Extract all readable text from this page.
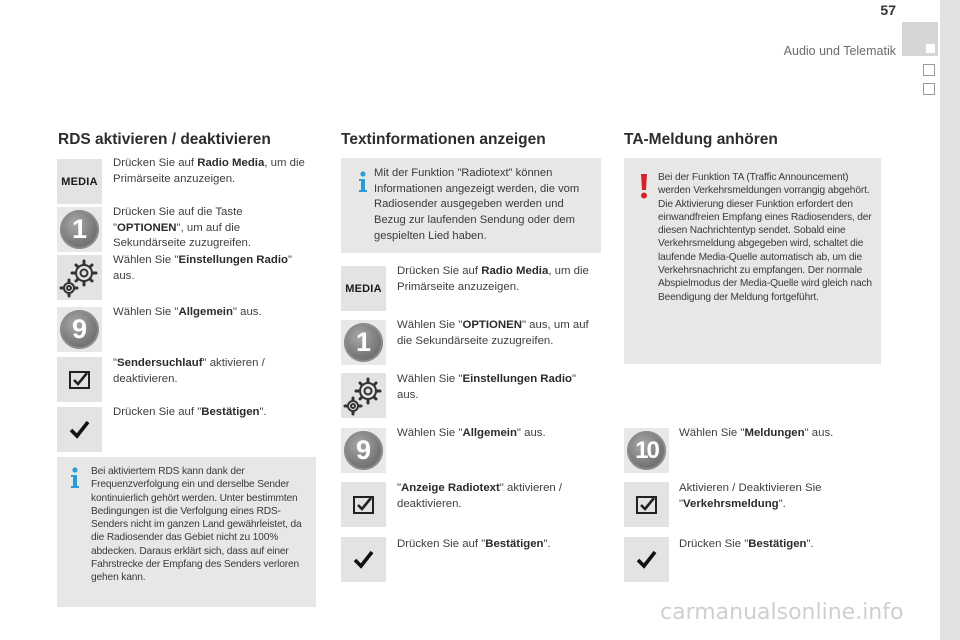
57
Audio und Telematik
RDS aktivieren / deaktivieren
MEDIA
Drücken Sie auf Radio Media, um die Primärseite anzuzeigen.
1
Drücken Sie auf die Taste "OPTIONEN", um auf die Sekundärseite zuzugreifen.
Wählen Sie "Einstellungen Radio" aus.
9
Wählen Sie "Allgemein" aus.
"Sendersuchlauf" aktivieren / deaktivieren.
Drücken Sie auf "Bestätigen".
Bei aktiviertem RDS kann dank der Frequenzverfolgung ein und derselbe Sender kontinuierlich gehört werden. Unter bestimmten Bedingungen ist die Verfolgung eines RDS-Senders nicht im ganzen Land gewährleistet, da die Radiosender das Gebiet nicht zu 100% abdecken. Daraus erklärt sich, dass auf einer Fahrstrecke der Empfang des Senders verloren gehen kann.
Textinformationen anzeigen
Mit der Funktion "Radiotext" können Informationen angezeigt werden, die vom Radiosender ausgegeben werden und Bezug zur laufenden Sendung oder dem gespielten Lied haben.
MEDIA
Drücken Sie auf Radio Media, um die Primärseite anzuzeigen.
1
Wählen Sie "OPTIONEN" aus, um auf die Sekundärseite zuzugreifen.
Wählen Sie "Einstellungen Radio" aus.
9
Wählen Sie "Allgemein" aus.
"Anzeige Radiotext" aktivieren / deaktivieren.
Drücken Sie auf "Bestätigen".
TA-Meldung anhören
Bei der Funktion TA (Traffic Announcement) werden Verkehrsmeldungen vorrangig abgehört. Die Aktivierung dieser Funktion erfordert den einwandfreien Empfang eines Radiosenders, der diesen Nachrichtentyp sendet. Sobald eine Verkehrsmeldung abgegeben wird, schaltet die laufende Media-Quelle automatisch ab, um die Verkehrsnachricht zu empfangen. Der normale Abspielmodus der Media-Quelle wird gleich nach Beendigung der Meldung fortgeführt.
10
Wählen Sie "Meldungen" aus.
Aktivieren / Deaktivieren Sie "Verkehrsmeldung".
Drücken Sie "Bestätigen".
carmanualsonline.info
